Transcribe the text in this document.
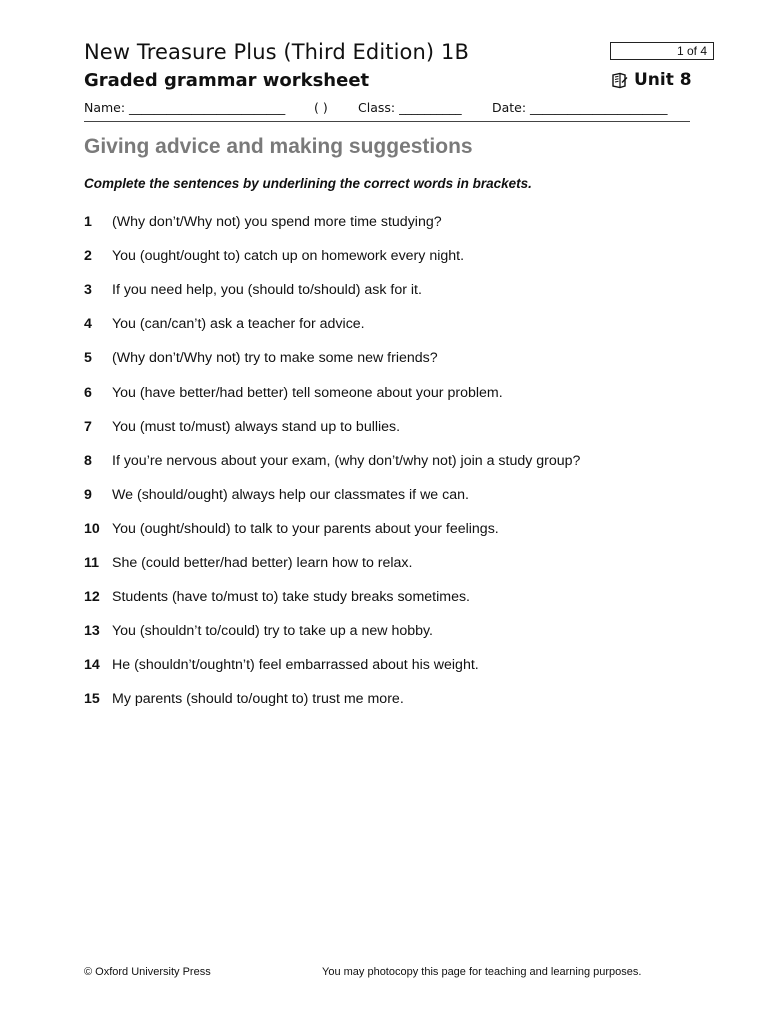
New Treasure Plus (Third Edition) 1B
Graded grammar worksheet
1 of 4
Unit 8
Name: _________________________ ( ) Class: __________ Date: ______________________
Giving advice and making suggestions
Complete the sentences by underlining the correct words in brackets.
1 (Why don’t/Why not) you spend more time studying?
2 You (ought/ought to) catch up on homework every night.
3 If you need help, you (should to/should) ask for it.
4 You (can/can’t) ask a teacher for advice.
5 (Why don’t/Why not) try to make some new friends?
6 You (have better/had better) tell someone about your problem.
7 You (must to/must) always stand up to bullies.
8 If you’re nervous about your exam, (why don’t/why not) join a study group?
9 We (should/ought) always help our classmates if we can.
10 You (ought/should) to talk to your parents about your feelings.
11 She (could better/had better) learn how to relax.
12 Students (have to/must to) take study breaks sometimes.
13 You (shouldn’t to/could) try to take up a new hobby.
14 He (shouldn’t/oughtn’t) feel embarrassed about his weight.
15 My parents (should to/ought to) trust me more.
© Oxford University Press	You may photocopy this page for teaching and learning purposes.
